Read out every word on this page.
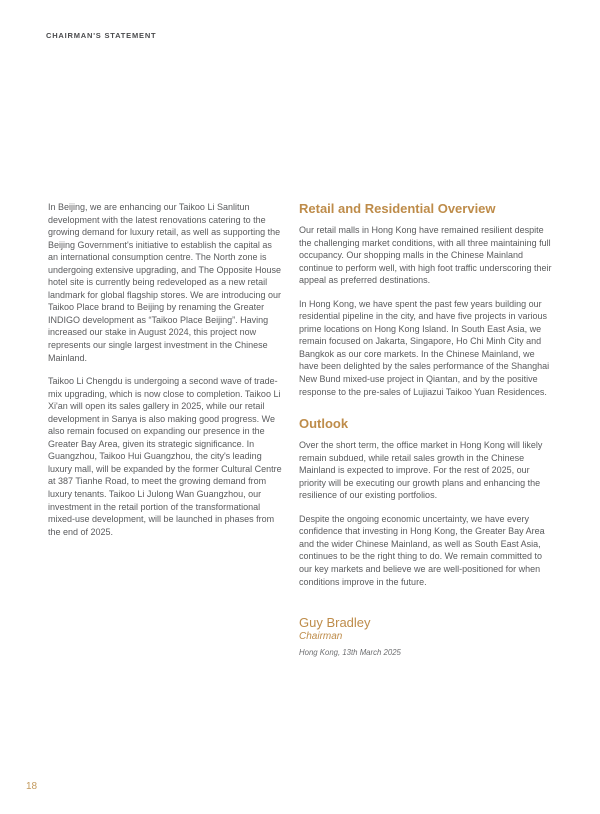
CHAIRMAN'S STATEMENT

In Beijing, we are enhancing our Taikoo Li Sanlitun development with the latest renovations catering to the growing demand for luxury retail, as well as supporting the Beijing Government's initiative to establish the capital as an international consumption centre. The North zone is undergoing extensive upgrading, and The Opposite House hotel site is currently being redeveloped as a new retail landmark for global flagship stores. We are introducing our Taikoo Place brand to Beijing by renaming the Greater INDIGO development as “Taikoo Place Beijing”. Having increased our stake in August 2024, this project now represents our single largest investment in the Chinese Mainland.

Taikoo Li Chengdu is undergoing a second wave of trade-mix upgrading, which is now close to completion. Taikoo Li Xi'an will open its sales gallery in 2025, while our retail development in Sanya is also making good progress. We also remain focused on expanding our presence in the Greater Bay Area, given its strategic significance. In Guangzhou, Taikoo Hui Guangzhou, the city's leading luxury mall, will be expanded by the former Cultural Centre at 387 Tianhe Road, to meet the growing demand from luxury tenants. Taikoo Li Julong Wan Guangzhou, our investment in the retail portion of the transformational mixed-use development, will be launched in phases from the end of 2025.

Retail and Residential Overview

Our retail malls in Hong Kong have remained resilient despite the challenging market conditions, with all three maintaining full occupancy. Our shopping malls in the Chinese Mainland continue to perform well, with high foot traffic underscoring their appeal as preferred destinations.

In Hong Kong, we have spent the past few years building our residential pipeline in the city, and have five projects in various prime locations on Hong Kong Island. In South East Asia, we remain focused on Jakarta, Singapore, Ho Chi Minh City and Bangkok as our core markets. In the Chinese Mainland, we have been delighted by the sales performance of the Shanghai New Bund mixed-use project in Qiantan, and by the positive response to the pre-sales of Lujiazui Taikoo Yuan Residences.

Outlook

Over the short term, the office market in Hong Kong will likely remain subdued, while retail sales growth in the Chinese Mainland is expected to improve. For the rest of 2025, our priority will be executing our growth plans and enhancing the resilience of our existing portfolios.

Despite the ongoing economic uncertainty, we have every confidence that investing in Hong Kong, the Greater Bay Area and the wider Chinese Mainland, as well as South East Asia, continues to be the right thing to do. We remain committed to our key markets and believe we are well-positioned for when conditions improve in the future.

Guy Bradley
Chairman
Hong Kong, 13th March 2025
18
